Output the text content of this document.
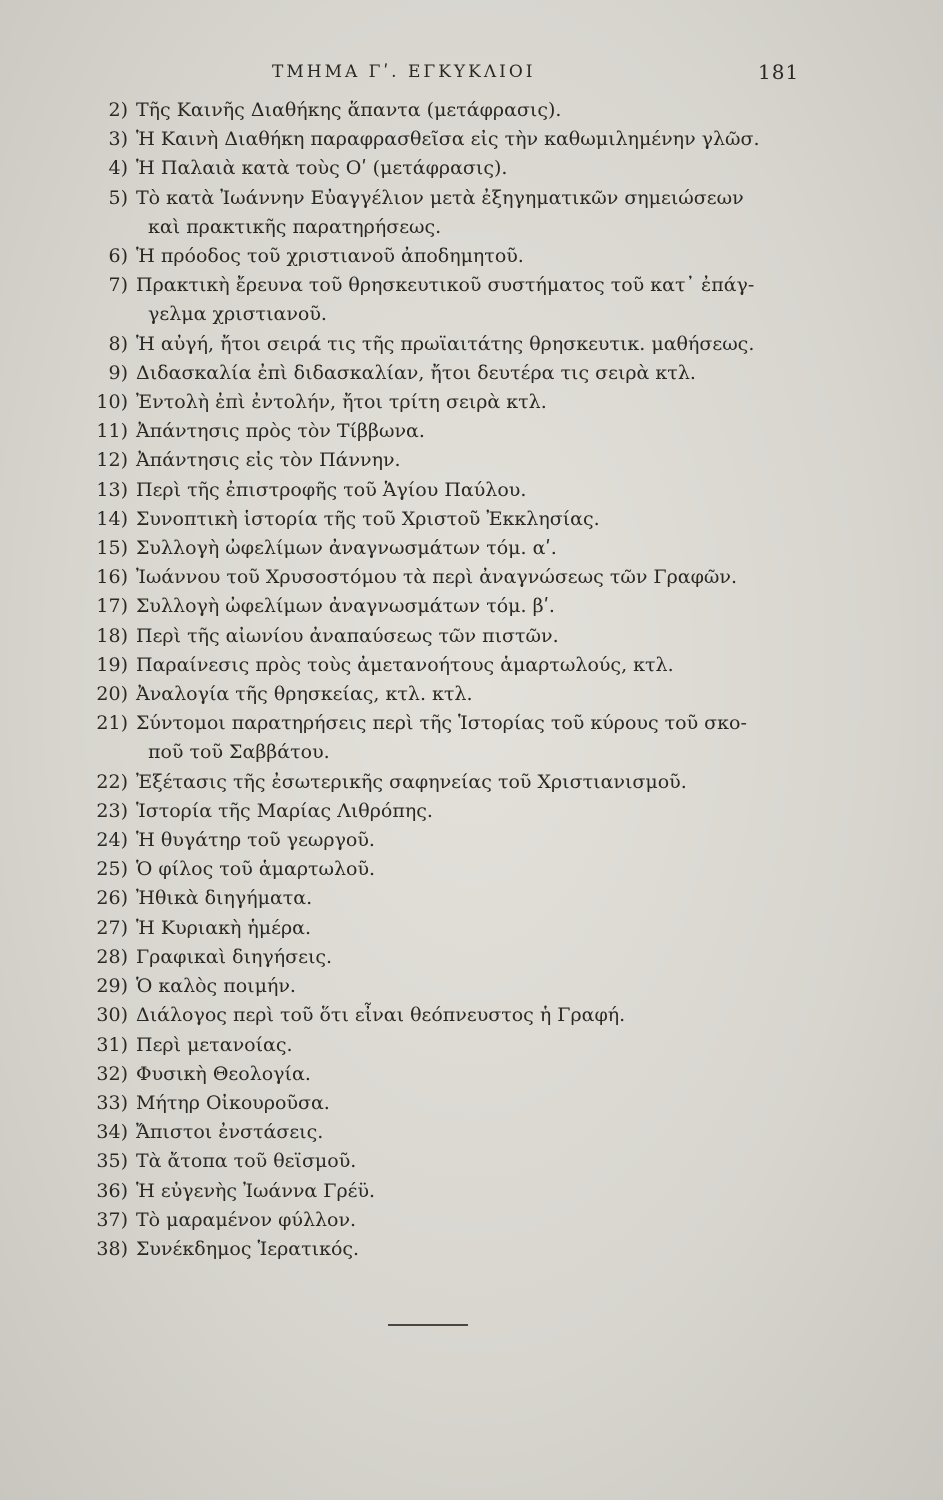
ΤΜΗΜΑ Γʹ. ΕΓΚΥΚΛΙΟΙ	181
2) Τῆς Καινῆς Διαθήκης ἅπαντα (μετάφρασις).
3) Ἡ Καινὴ Διαθήκη παραφρασθεῖσα εἰς τὴν καθωμιλημένην γλῶσ.
4) Ἡ Παλαιὰ κατὰ τοὺς Οʹ (μετάφρασις).
5) Τὸ κατὰ Ἰωάννην Εὐαγγέλιον μετὰ ἐξηγηματικῶν σημειώσεων
καὶ πρακτικῆς παρατηρήσεως.
6) Ἡ πρόοδος τοῦ χριστιανοῦ ἀποδημητοῦ.
7) Πρακτικὴ ἔρευνα τοῦ θρησκευτικοῦ συστήματος τοῦ κατ᾽ ἐπάγ-
γελμα χριστιανοῦ.
8) Ἡ αὐγή, ἤτοι σειρά τις τῆς πρωϊαιτάτης θρησκευτικ. μαθήσεως.
9) Διδασκαλία ἐπὶ διδασκαλίαν, ἤτοι δευτέρα τις σειρὰ κτλ.
10) Ἐντολὴ ἐπὶ ἐντολήν, ἤτοι τρίτη σειρὰ κτλ.
11) Ἀπάντησις πρὸς τὸν Τίββωνα.
12) Ἀπάντησις εἰς τὸν Πάννην.
13) Περὶ τῆς ἐπιστροφῆς τοῦ Ἁγίου Παύλου.
14) Συνοπτικὴ ἱστορία τῆς τοῦ Χριστοῦ Ἐκκλησίας.
15) Συλλογὴ ὠφελίμων ἀναγνωσμάτων τόμ. αʹ.
16) Ἰωάννου τοῦ Χρυσοστόμου τὰ περὶ ἀναγνώσεως τῶν Γραφῶν.
17) Συλλογὴ ὠφελίμων ἀναγνωσμάτων τόμ. βʹ.
18) Περὶ τῆς αἰωνίου ἀναπαύσεως τῶν πιστῶν.
19) Παραίνεσις πρὸς τοὺς ἀμετανοήτους ἁμαρτωλούς, κτλ.
20) Ἀναλογία τῆς θρησκείας, κτλ. κτλ.
21) Σύντομοι παρατηρήσεις περὶ τῆς Ἱστορίας τοῦ κύρους τοῦ σκο-
ποῦ τοῦ Σαββάτου.
22) Ἐξέτασις τῆς ἐσωτερικῆς σαφηνείας τοῦ Χριστιανισμοῦ.
23) Ἱστορία τῆς Μαρίας Λιθρόπης.
24) Ἡ θυγάτηρ τοῦ γεωργοῦ.
25) Ὁ φίλος τοῦ ἁμαρτωλοῦ.
26) Ἠθικὰ διηγήματα.
27) Ἡ Κυριακὴ ἡμέρα.
28) Γραφικαὶ διηγήσεις.
29) Ὁ καλὸς ποιμήν.
30) Διάλογος περὶ τοῦ ὅτι εἶναι θεόπνευστος ἡ Γραφή.
31) Περὶ μετανοίας.
32) Φυσικὴ Θεολογία.
33) Μήτηρ Οἰκουροῦσα.
34) Ἄπιστοι ἐνστάσεις.
35) Τὰ ἄτοπα τοῦ θεϊσμοῦ.
36) Ἡ εὐγενὴς Ἰωάννα Γρέϋ.
37) Τὸ μαραμένον φύλλον.
38) Συνέκδημος Ἱερατικός.
